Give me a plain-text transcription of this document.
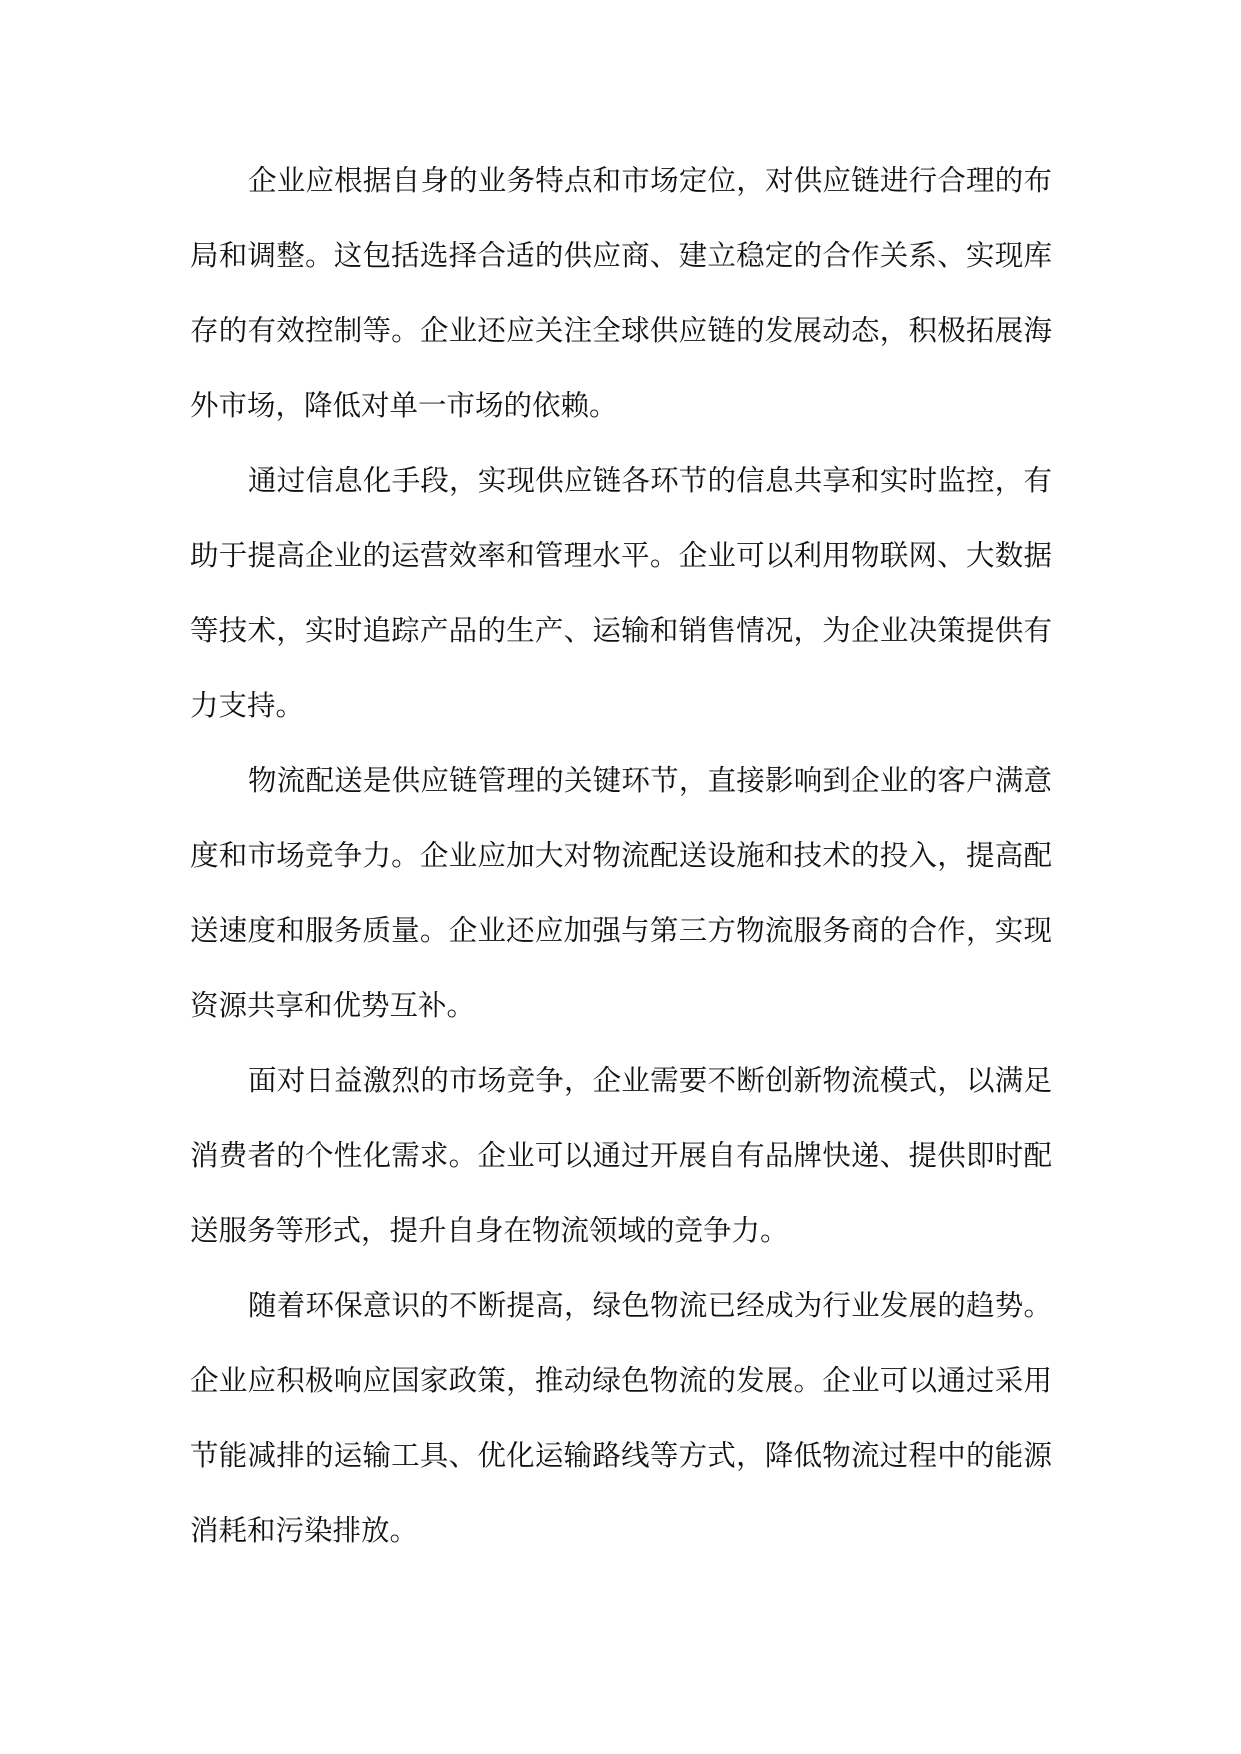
企业应根据自身的业务特点和市场定位，对供应链进行合理的布
局和调整。这包括选择合适的供应商、建立稳定的合作关系、实现库
存的有效控制等。企业还应关注全球供应链的发展动态，积极拓展海
外市场，降低对单一市场的依赖。
通过信息化手段，实现供应链各环节的信息共享和实时监控，有
助于提高企业的运营效率和管理水平。企业可以利用物联网、大数据
等技术，实时追踪产品的生产、运输和销售情况，为企业决策提供有
力支持。
物流配送是供应链管理的关键环节，直接影响到企业的客户满意
度和市场竞争力。企业应加大对物流配送设施和技术的投入，提高配
送速度和服务质量。企业还应加强与第三方物流服务商的合作，实现
资源共享和优势互补。
面对日益激烈的市场竞争，企业需要不断创新物流模式，以满足
消费者的个性化需求。企业可以通过开展自有品牌快递、提供即时配
送服务等形式，提升自身在物流领域的竞争力。
随着环保意识的不断提高，绿色物流已经成为行业发展的趋势。
企业应积极响应国家政策，推动绿色物流的发展。企业可以通过采用
节能减排的运输工具、优化运输路线等方式，降低物流过程中的能源
消耗和污染排放。
